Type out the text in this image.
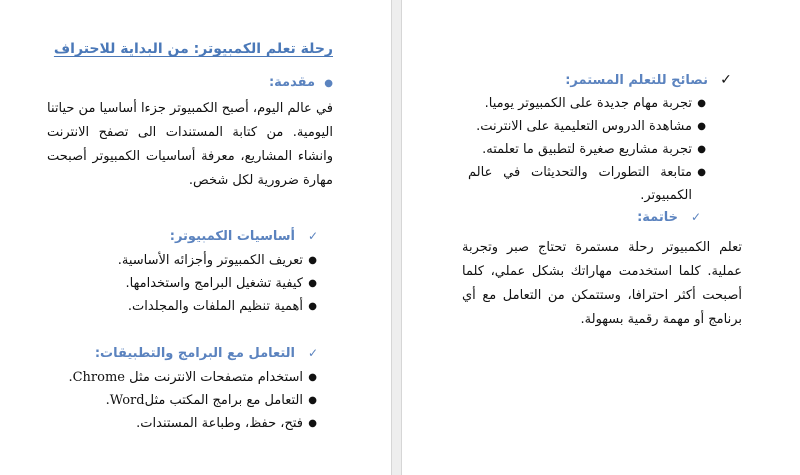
رحلة تعلم الكمبيوتر: من البداية للاحتراف
●مقدمة:
في عالم اليوم، أصبح الكمبيوتر جزءا أساسيا من حياتنا اليومية. من كتابة المستندات الى تصفح الانترنت وانشاء المشاريع، معرفة أساسيات الكمبيوتر أصبحت مهارة ضرورية لكل شخص.
✓أساسيات الكمبيوتر:
●
تعريف الكمبيوتر وأجزائه الأساسية.
●
كيفية تشغيل البرامج واستخدامها.
●
أهمية تنظيم الملفات والمجلدات.
✓التعامل مع البرامج والتطبيقات:
●
استخدام متصفحات الانترنت مثل Chrome.
●
التعامل مع برامج المكتب مثلWord.
●
فتح، حفظ، وطباعة المستندات.
✓نصائح للتعلم المستمر:
●
تجربة مهام جديدة على الكمبيوتر يوميا.
●
مشاهدة الدروس التعليمية على الانترنت.
●
تجربة مشاريع صغيرة لتطبيق ما تعلمته.
●
متابعة التطورات والتحديثات في عالم الكمبيوتر.
✓خاتمة:
تعلم الكمبيوتر رحلة مستمرة تحتاج صبر وتجربة عملية. كلما استخدمت مهاراتك بشكل عملي، كلما أصبحت أكثر احترافا، وستتمكن من التعامل مع أي برنامج أو مهمة رقمية بسهولة.
